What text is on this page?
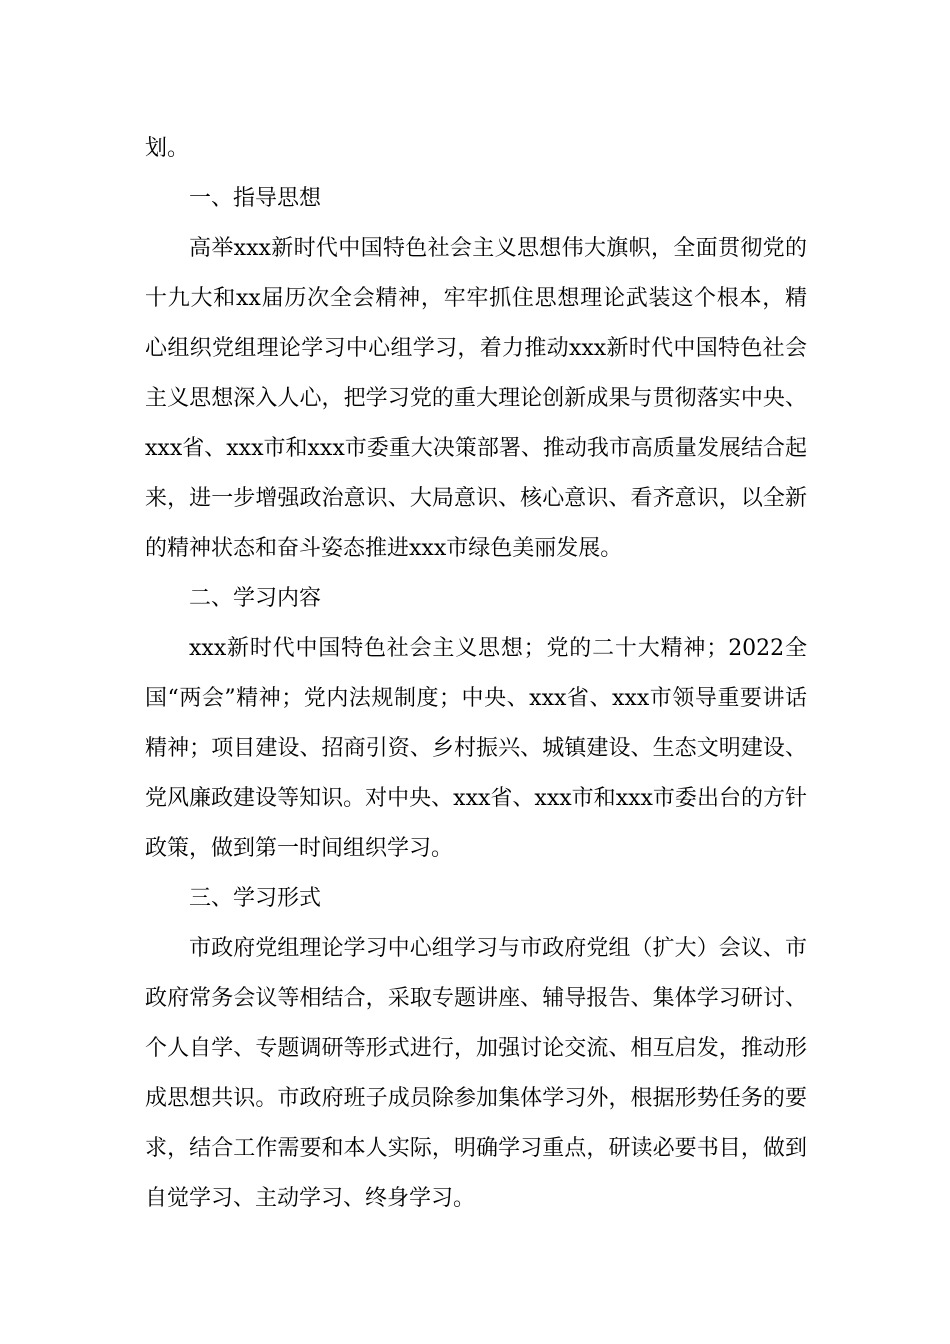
划。

一、指导思想

高举xxx新时代中国特色社会主义思想伟大旗帜，全面贯彻党的十九大和xx届历次全会精神，牢牢抓住思想理论武装这个根本，精心组织党组理论学习中心组学习，着力推动xxx新时代中国特色社会主义思想深入人心，把学习党的重大理论创新成果与贯彻落实中央、xxx省、xxx市和xxx市委重大决策部署、推动我市高质量发展结合起来，进一步增强政治意识、大局意识、核心意识、看齐意识，以全新的精神状态和奋斗姿态推进xxx市绿色美丽发展。

二、学习内容

xxx新时代中国特色社会主义思想；党的二十大精神；2022全国“两会”精神；党内法规制度；中央、xxx省、xxx市领导重要讲话精神；项目建设、招商引资、乡村振兴、城镇建设、生态文明建设、党风廉政建设等知识。对中央、xxx省、xxx市和xxx市委出台的方针政策，做到第一时间组织学习。

三、学习形式

市政府党组理论学习中心组学习与市政府党组（扩大）会议、市政府常务会议等相结合，采取专题讲座、辅导报告、集体学习研讨、个人自学、专题调研等形式进行，加强讨论交流、相互启发，推动形成思想共识。市政府班子成员除参加集体学习外，根据形势任务的要求，结合工作需要和本人实际，明确学习重点，研读必要书目，做到自觉学习、主动学习、终身学习。
